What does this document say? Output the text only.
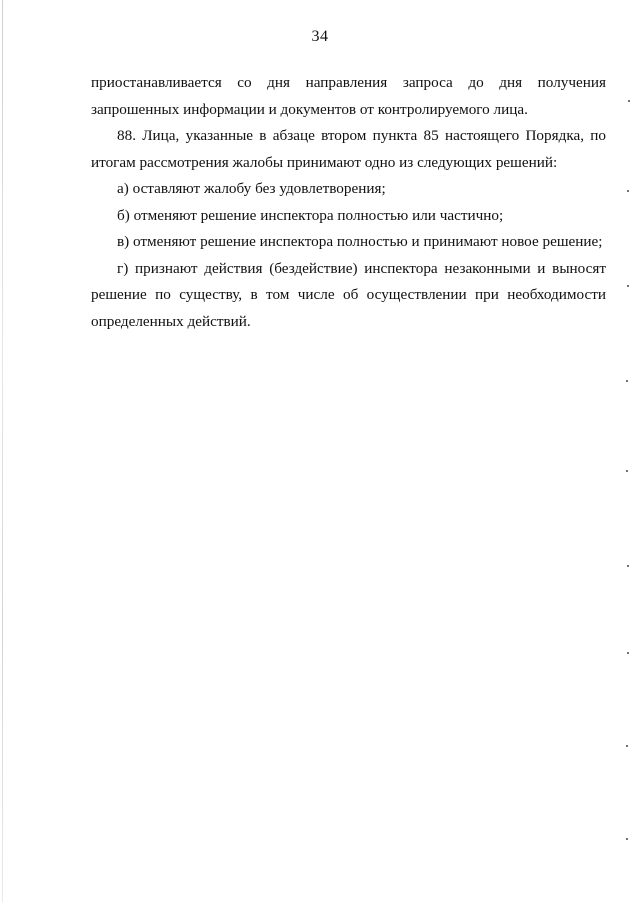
34

приостанавливается со дня направления запроса до дня получения запрошенных информации и документов от контролируемого лица.

88. Лица, указанные в абзаце втором пункта 85 настоящего Порядка, по итогам рассмотрения жалобы принимают одно из следующих решений:

а) оставляют жалобу без удовлетворения;

б) отменяют решение инспектора полностью или частично;

в) отменяют решение инспектора полностью и принимают новое решение;

г) признают действия (бездействие) инспектора незаконными и выносят решение по существу, в том числе об осуществлении при необходимости определенных действий.
